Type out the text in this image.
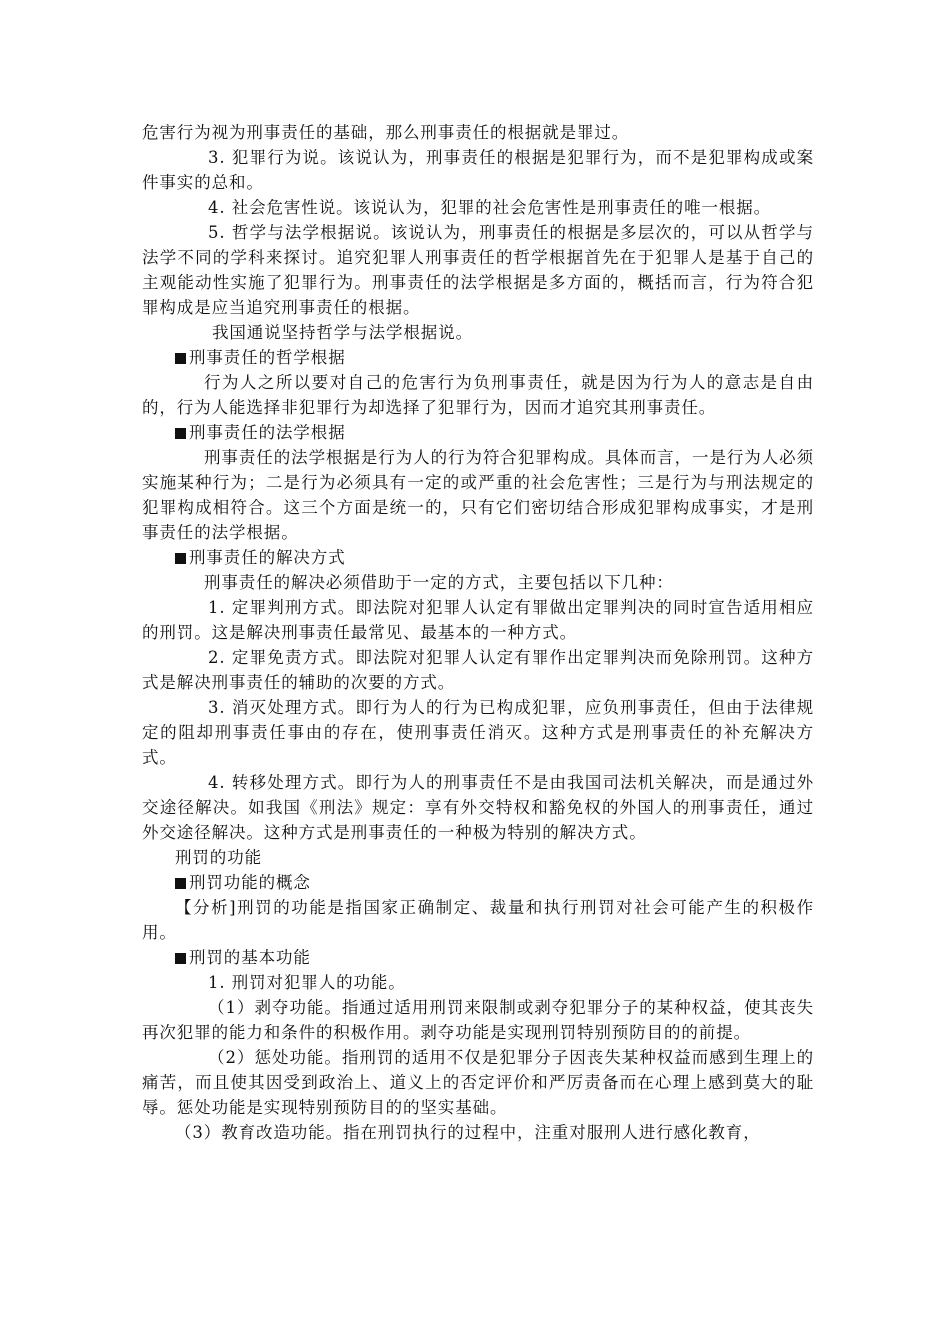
危害行为视为刑事责任的基础，那么刑事责任的根据就是罪过。

3. 犯罪行为说。该说认为，刑事责任的根据是犯罪行为，而不是犯罪构成或案件事实的总和。

4. 社会危害性说。该说认为，犯罪的社会危害性是刑事责任的唯一根据。

5. 哲学与法学根据说。该说认为，刑事责任的根据是多层次的，可以从哲学与法学不同的学科来探讨。追究犯罪人刑事责任的哲学根据首先在于犯罪人是基于自己的主观能动性实施了犯罪行为。刑事责任的法学根据是多方面的，概括而言，行为符合犯罪构成是应当追究刑事责任的根据。

我国通说坚持哲学与法学根据说。

刑事责任的哲学根据

行为人之所以要对自己的危害行为负刑事责任，就是因为行为人的意志是自由的，行为人能选择非犯罪行为却选择了犯罪行为，因而才追究其刑事责任。

刑事责任的法学根据

刑事责任的法学根据是行为人的行为符合犯罪构成。具体而言，一是行为人必须实施某种行为；二是行为必须具有一定的或严重的社会危害性；三是行为与刑法规定的犯罪构成相符合。这三个方面是统一的，只有它们密切结合形成犯罪构成事实，才是刑事责任的法学根据。

刑事责任的解决方式

刑事责任的解决必须借助于一定的方式，主要包括以下几种：

1. 定罪判刑方式。即法院对犯罪人认定有罪做出定罪判决的同时宣告适用相应的刑罚。这是解决刑事责任最常见、最基本的一种方式。

2. 定罪免责方式。即法院对犯罪人认定有罪作出定罪判决而免除刑罚。这种方式是解决刑事责任的辅助的次要的方式。

3. 消灭处理方式。即行为人的行为已构成犯罪，应负刑事责任，但由于法律规定的阻却刑事责任事由的存在，使刑事责任消灭。这种方式是刑事责任的补充解决方式。

4. 转移处理方式。即行为人的刑事责任不是由我国司法机关解决，而是通过外交途径解决。如我国《刑法》规定：享有外交特权和豁免权的外国人的刑事责任，通过外交途径解决。这种方式是刑事责任的一种极为特别的解决方式。

刑罚的功能

刑罚功能的概念

【分析]刑罚的功能是指国家正确制定、裁量和执行刑罚对社会可能产生的积极作用。

刑罚的基本功能

1. 刑罚对犯罪人的功能。

（1）剥夺功能。指通过适用刑罚来限制或剥夺犯罪分子的某种权益，使其丧失再次犯罪的能力和条件的积极作用。剥夺功能是实现刑罚特别预防目的的前提。

（2）惩处功能。指刑罚的适用不仅是犯罪分子因丧失某种权益而感到生理上的痛苦，而且使其因受到政治上、道义上的否定评价和严厉责备而在心理上感到莫大的耻辱。惩处功能是实现特别预防目的的坚实基础。

（3）教育改造功能。指在刑罚执行的过程中，注重对服刑人进行感化教育，
